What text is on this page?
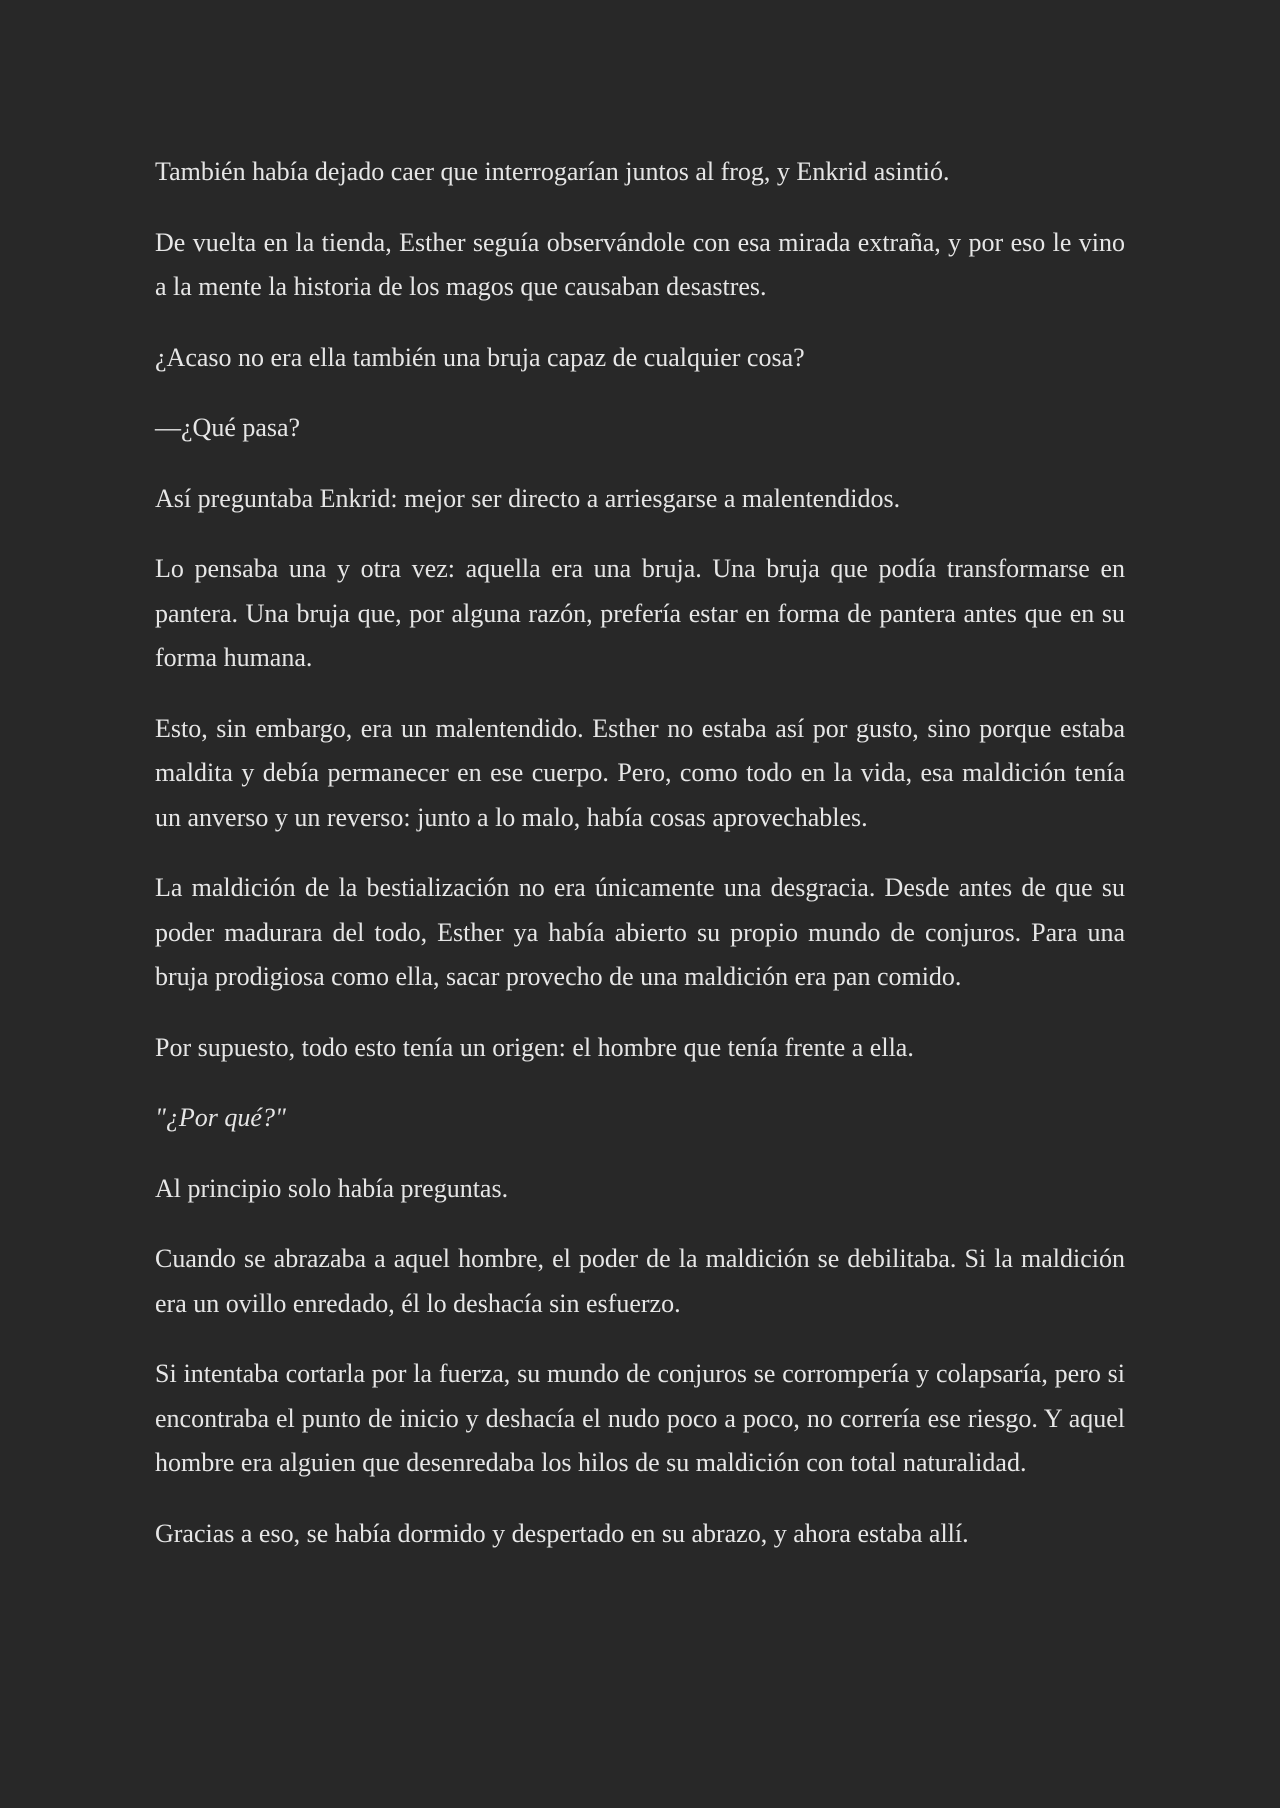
También había dejado caer que interrogarían juntos al frog, y Enkrid asintió.

De vuelta en la tienda, Esther seguía observándole con esa mirada extraña, y por eso le vino a la mente la historia de los magos que causaban desastres.

¿Acaso no era ella también una bruja capaz de cualquier cosa?

—¿Qué pasa?

Así preguntaba Enkrid: mejor ser directo a arriesgarse a malentendidos.

Lo pensaba una y otra vez: aquella era una bruja. Una bruja que podía transformarse en pantera. Una bruja que, por alguna razón, prefería estar en forma de pantera antes que en su forma humana.

Esto, sin embargo, era un malentendido. Esther no estaba así por gusto, sino porque estaba maldita y debía permanecer en ese cuerpo. Pero, como todo en la vida, esa maldición tenía un anverso y un reverso: junto a lo malo, había cosas aprovechables.

La maldición de la bestialización no era únicamente una desgracia. Desde antes de que su poder madurara del todo, Esther ya había abierto su propio mundo de conjuros. Para una bruja prodigiosa como ella, sacar provecho de una maldición era pan comido.

Por supuesto, todo esto tenía un origen: el hombre que tenía frente a ella.

"¿Por qué?"

Al principio solo había preguntas.

Cuando se abrazaba a aquel hombre, el poder de la maldición se debilitaba. Si la maldición era un ovillo enredado, él lo deshacía sin esfuerzo.

Si intentaba cortarla por la fuerza, su mundo de conjuros se corrompería y colapsaría, pero si encontraba el punto de inicio y deshacía el nudo poco a poco, no correría ese riesgo. Y aquel hombre era alguien que desenredaba los hilos de su maldición con total naturalidad.

Gracias a eso, se había dormido y despertado en su abrazo, y ahora estaba allí.
